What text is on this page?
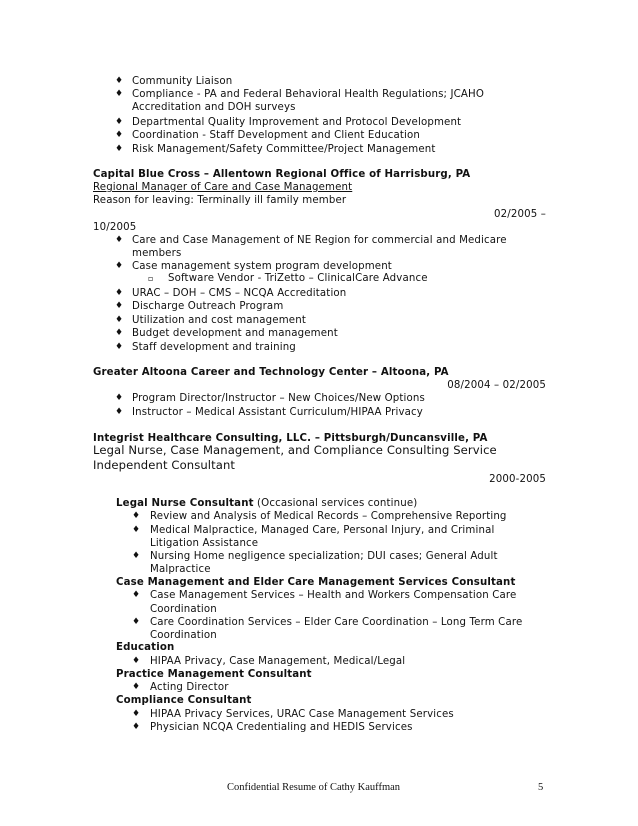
♦ Community Liaison
♦ Compliance - PA and Federal Behavioral Health Regulations; JCAHO
Accreditation and DOH surveys
♦ Departmental Quality Improvement and Protocol Development
♦ Coordination - Staff Development and Client Education
♦ Risk Management/Safety Committee/Project Management
Capital Blue Cross – Allentown Regional Office of Harrisburg, PA
Regional Manager of Care and Case Management
Reason for leaving: Terminally ill family member
02/2005 –
10/2005
♦ Care and Case Management of NE Region for commercial and Medicare
members
♦ Case management system program development
▫ Software Vendor - TriZetto – ClinicalCare Advance
♦ URAC – DOH – CMS – NCQA Accreditation
♦ Discharge Outreach Program
♦ Utilization and cost management
♦ Budget development and management
♦ Staff development and training
Greater Altoona Career and Technology Center – Altoona, PA
08/2004 – 02/2005
♦ Program Director/Instructor – New Choices/New Options
♦ Instructor – Medical Assistant Curriculum/HIPAA Privacy
Integrist Healthcare Consulting, LLC. – Pittsburgh/Duncansville, PA
Legal Nurse, Case Management, and Compliance Consulting Service
Independent Consultant
2000-2005
Legal Nurse Consultant (Occasional services continue)
♦ Review and Analysis of Medical Records – Comprehensive Reporting
♦ Medical Malpractice, Managed Care, Personal Injury, and Criminal
Litigation Assistance
♦ Nursing Home negligence specialization; DUI cases; General Adult
Malpractice
Case Management and Elder Care Management Services Consultant
♦ Case Management Services – Health and Workers Compensation Care
Coordination
♦ Care Coordination Services – Elder Care Coordination – Long Term Care
Coordination
Education
♦ HIPAA Privacy, Case Management, Medical/Legal
Practice Management Consultant
♦ Acting Director
Compliance Consultant
♦ HIPAA Privacy Services, URAC Case Management Services
♦ Physician NCQA Credentialing and HEDIS Services
Confidential Resume of Cathy Kauffman	5
